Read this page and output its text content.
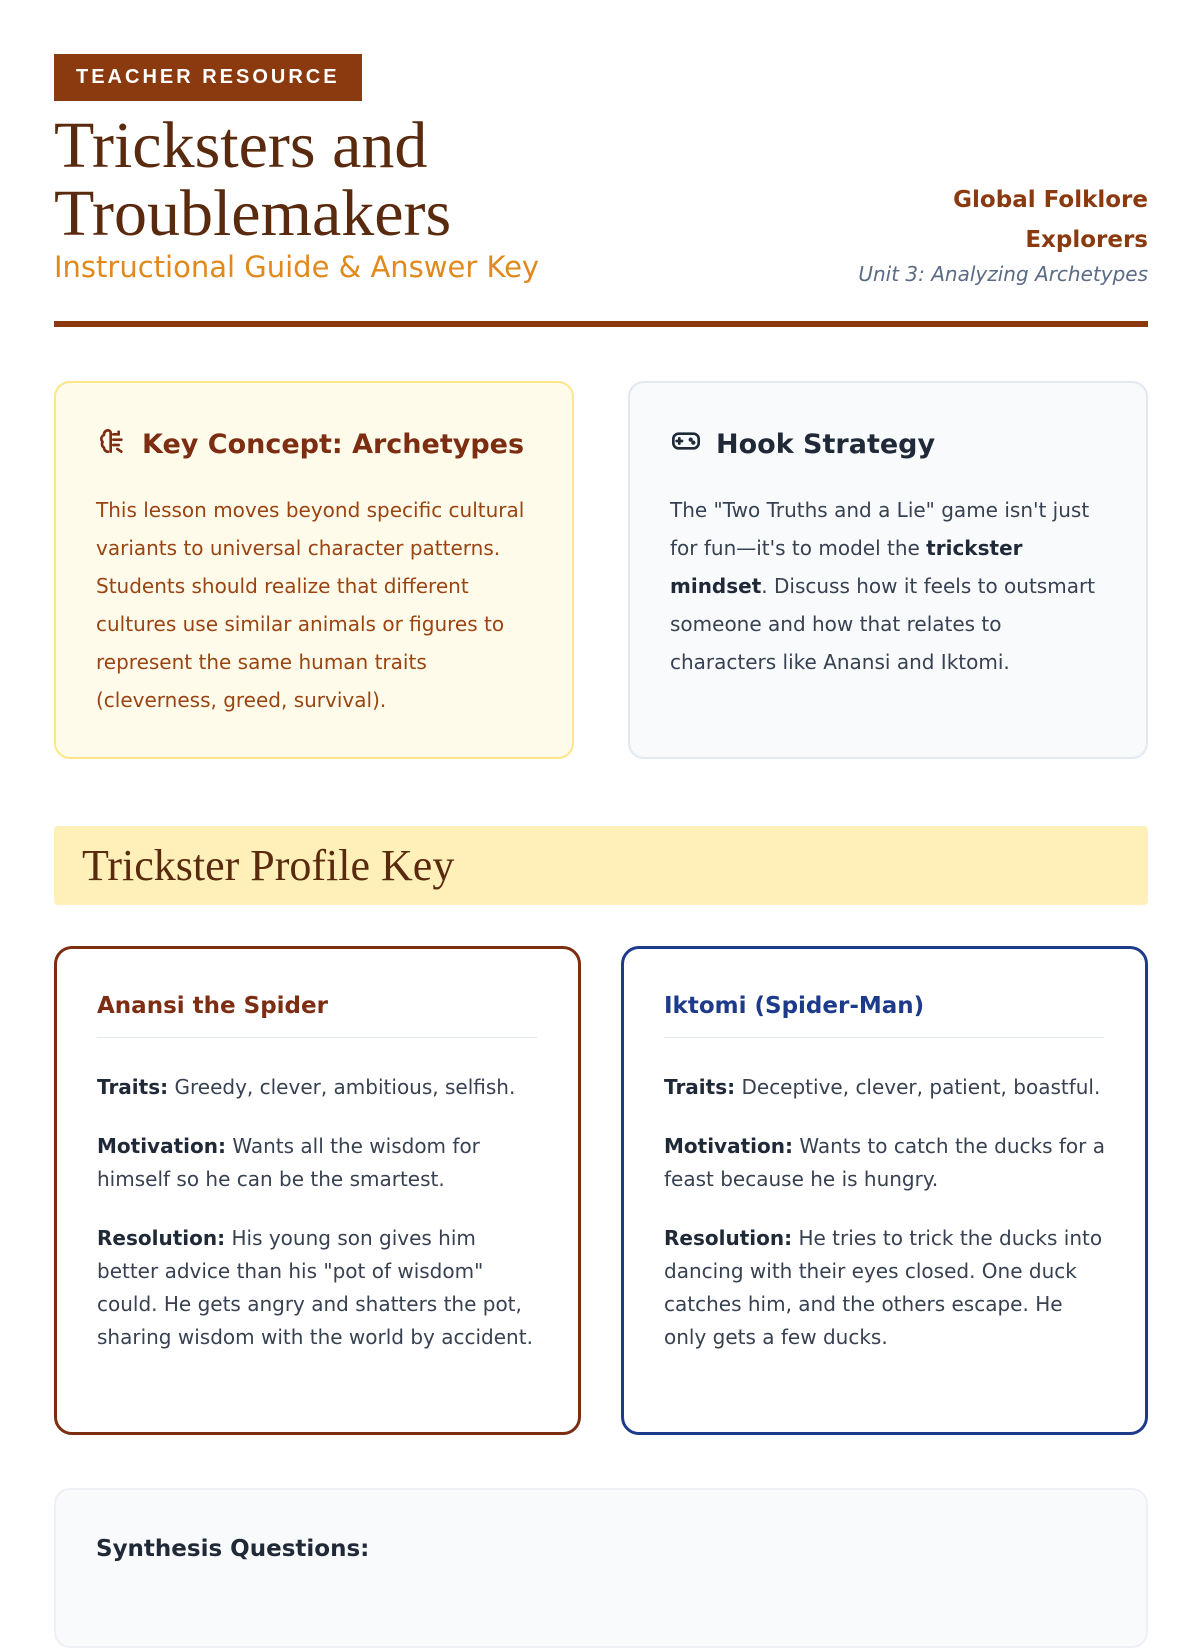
TEACHER RESOURCE
Tricksters and
Troublemakers
Instructional Guide & Answer Key
Global Folklore
Explorers
Unit 3: Analyzing Archetypes
Key Concept: Archetypes
This lesson moves beyond specific cultural variants to universal character patterns. Students should realize that different cultures use similar animals or figures to represent the same human traits (cleverness, greed, survival).
Hook Strategy
The "Two Truths and a Lie" game isn't just for fun—it's to model the trickster mindset. Discuss how it feels to outsmart someone and how that relates to characters like Anansi and Iktomi.
Trickster Profile Key
Anansi the Spider

Traits: Greedy, clever, ambitious, selfish.

Motivation: Wants all the wisdom for himself so he can be the smartest.

Resolution: His young son gives him better advice than his "pot of wisdom" could. He gets angry and shatters the pot, sharing wisdom with the world by accident.

Iktomi (Spider-Man)

Traits: Deceptive, clever, patient, boastful.

Motivation: Wants to catch the ducks for a feast because he is hungry.

Resolution: He tries to trick the ducks into dancing with their eyes closed. One duck catches him, and the others escape. He only gets a few ducks.

Synthesis Questions:
